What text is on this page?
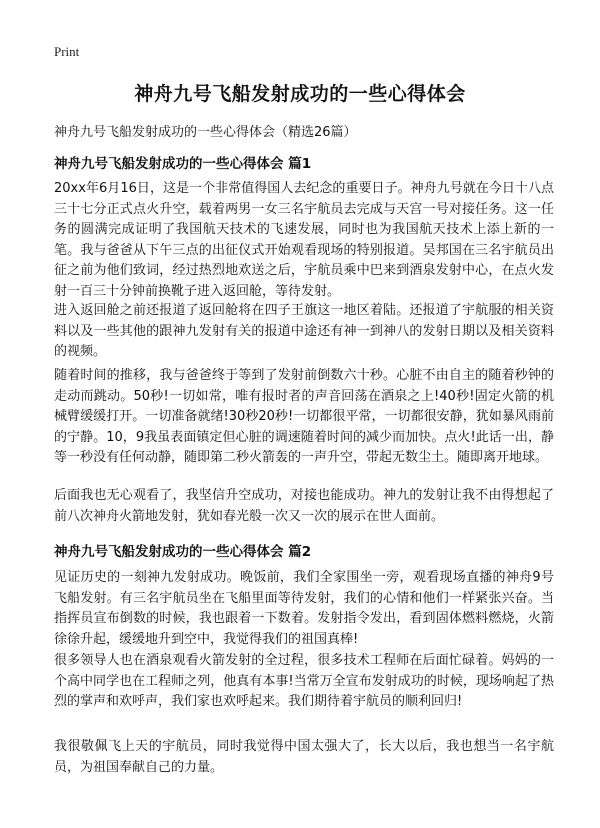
Print
神舟九号飞船发射成功的一些心得体会
神舟九号飞船发射成功的一些心得体会（精选26篇）
神舟九号飞船发射成功的一些心得体会 篇1

20xx年6月16日，这是一个非常值得国人去纪念的重要日子。神舟九号就在今日十八点三十七分正式点火升空，载着两男一女三名宇航员去完成与天宫一号对接任务。这一任务的圆满完成证明了我国航天技术的飞速发展，同时也为我国航天技术上添上新的一笔。我与爸爸从下午三点的出征仪式开始观看现场的特别报道。吴邦国在三名宇航员出征之前为他们致词，经过热烈地欢送之后，宇航员乘中巴来到酒泉发射中心，在点火发射一百三十分钟前换靴子进入返回舱，等待发射。

进入返回舱之前还报道了返回舱将在四子王旗这一地区着陆。还报道了宇航服的相关资料以及一些其他的跟神九发射有关的报道中途还有神一到神八的发射日期以及相关资料的视频。

随着时间的推移，我与爸爸终于等到了发射前倒数六十秒。心脏不由自主的随着秒钟的走动而跳动。50秒!一切如常，唯有报时者的声音回荡在酒泉之上!40秒!固定火箭的机械臂缓缓打开。一切准备就绪!30秒20秒!一切都很平常，一切都很安静，犹如暴风雨前的宁静。10，9我虽表面镇定但心脏的调速随着时间的减少而加快。点火!此话一出，静等一秒没有任何动静，随即第二秒火箭轰的一声升空，带起无数尘土。随即离开地球。

后面我也无心观看了，我坚信升空成功，对接也能成功。神九的发射让我不由得想起了前八次神舟火箭地发射，犹如春光般一次又一次的展示在世人面前。

神舟九号飞船发射成功的一些心得体会 篇2

见证历史的一刻神九发射成功。晚饭前，我们全家围坐一旁，观看现场直播的神舟9号飞船发射。有三名宇航员坐在飞船里面等待发射，我们的心情和他们一样紧张兴奋。当指挥员宣布倒数的时候，我也跟着一下数着。发射指令发出，看到固体燃料燃烧，火箭徐徐升起，缓缓地升到空中，我觉得我们的祖国真棒!

很多领导人也在酒泉观看火箭发射的全过程，很多技术工程师在后面忙碌着。妈妈的一个高中同学也在工程师之列，他真有本事!当常万全宣布发射成功的时候，现场响起了热烈的掌声和欢呼声，我们家也欢呼起来。我们期待着宇航员的顺利回归!

我很敬佩飞上天的宇航员，同时我觉得中国太强大了，长大以后，我也想当一名宇航员，为祖国奉献自己的力量。
